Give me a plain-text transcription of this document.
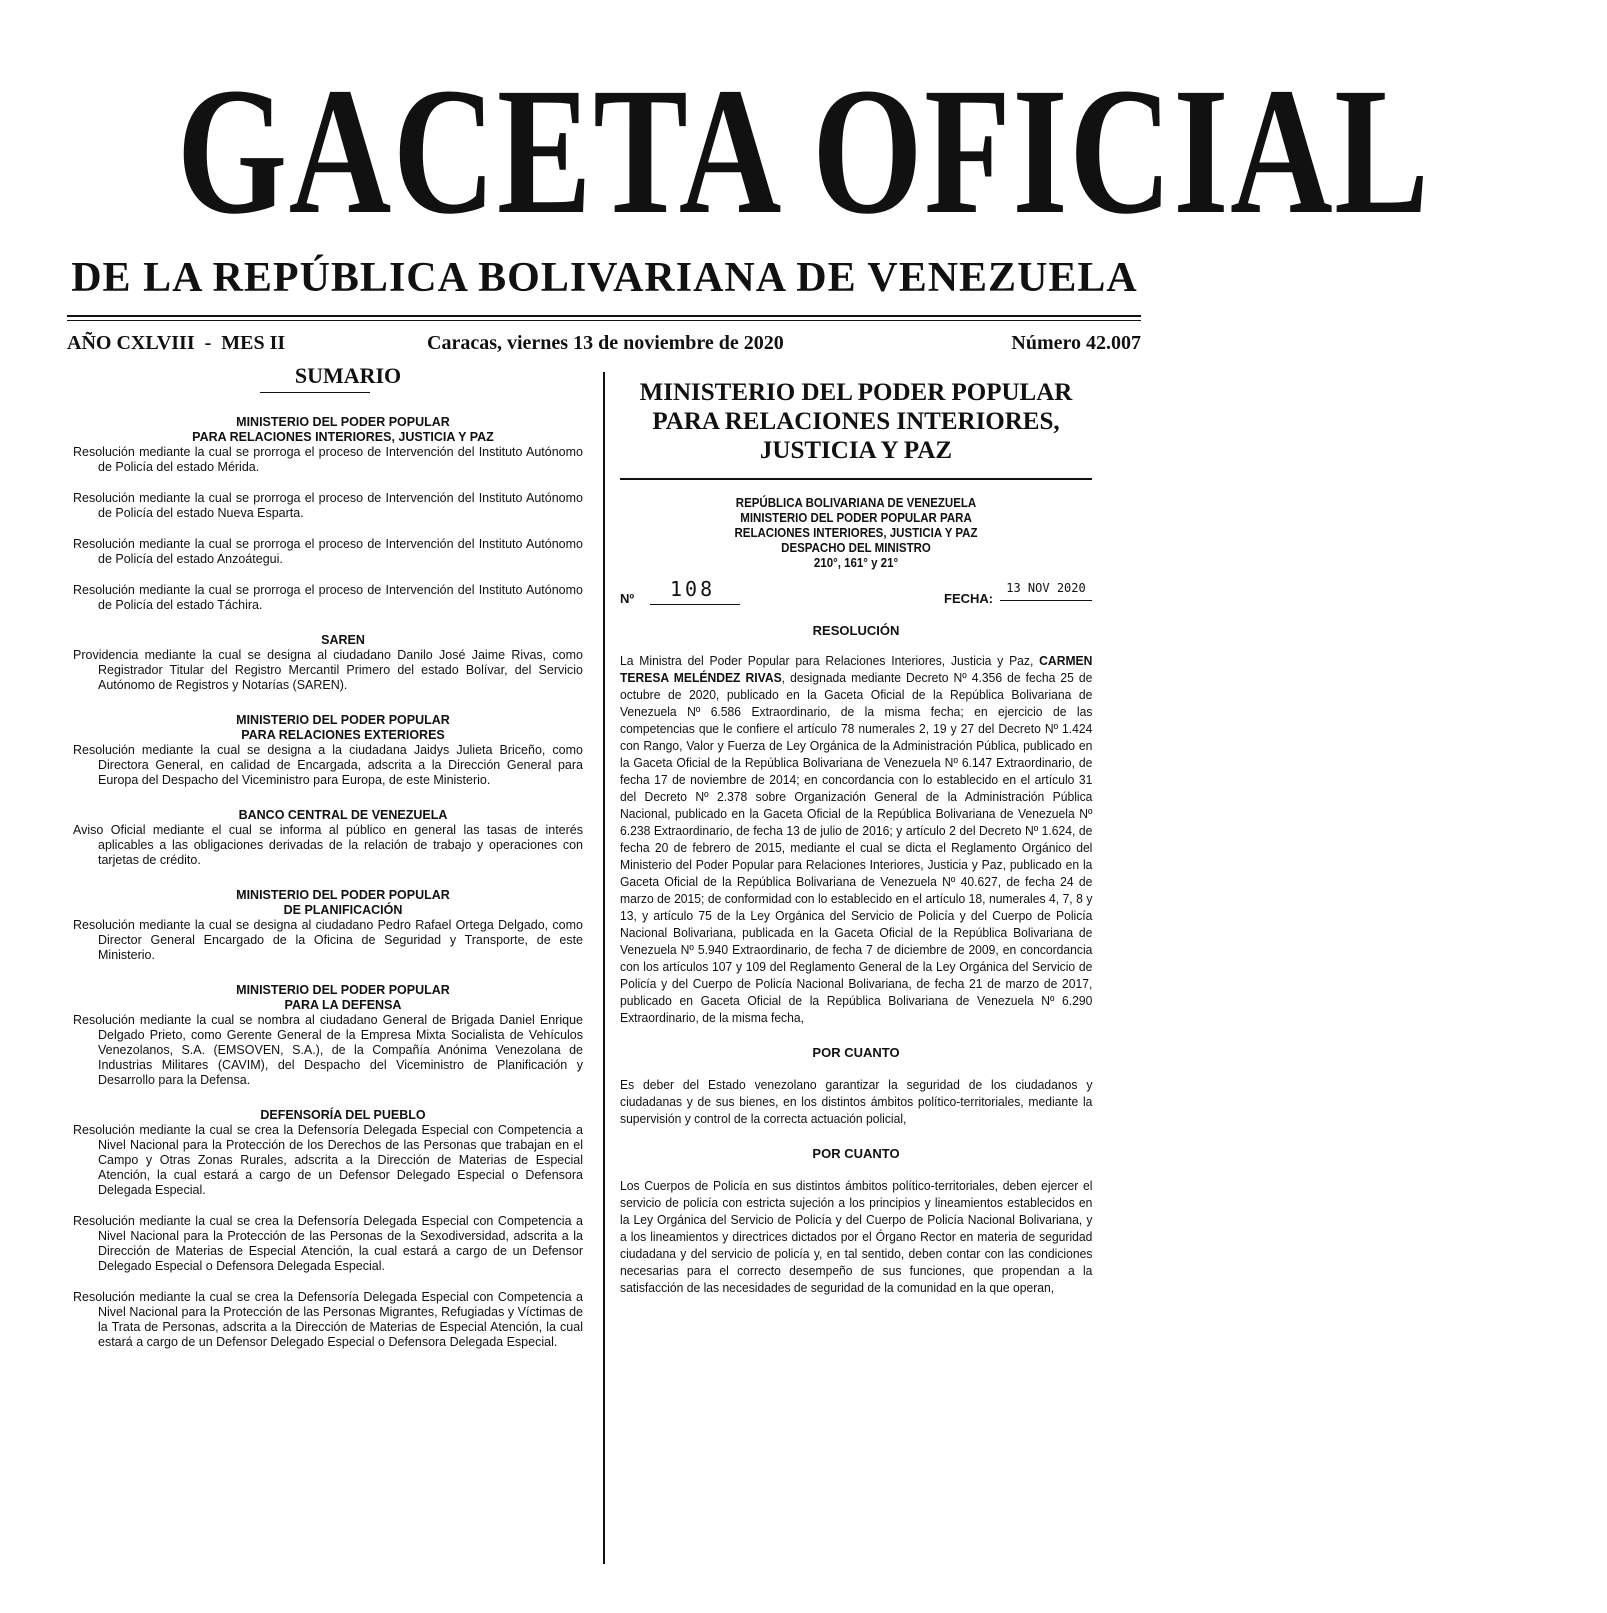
GACETA OFICIAL
DE LA REPÚBLICA BOLIVARIANA DE VENEZUELA
AÑO CXLVIII  -  MES II	Caracas, viernes 13 de noviembre de 2020	Número 42.007
SUMARIO
MINISTERIO DEL PODER POPULAR
PARA RELACIONES INTERIORES, JUSTICIA Y PAZ
Resolución mediante la cual se prorroga el proceso de Intervención del Instituto Autónomo de Policía del estado Mérida.
Resolución mediante la cual se prorroga el proceso de Intervención del Instituto Autónomo de Policía del estado Nueva Esparta.
Resolución mediante la cual se prorroga el proceso de Intervención del Instituto Autónomo de Policía del estado Anzoátegui.
Resolución mediante la cual se prorroga el proceso de Intervención del Instituto Autónomo de Policía del estado Táchira.
SAREN
Providencia mediante la cual se designa al ciudadano Danilo José Jaime Rivas, como Registrador Titular del Registro Mercantil Primero del estado Bolívar, del Servicio Autónomo de Registros y Notarías (SAREN).
MINISTERIO DEL PODER POPULAR
PARA RELACIONES EXTERIORES
Resolución mediante la cual se designa a la ciudadana Jaidys Julieta Briceño, como Directora General, en calidad de Encargada, adscrita a la Dirección General para Europa del Despacho del Viceministro para Europa, de este Ministerio.
BANCO CENTRAL DE VENEZUELA
Aviso Oficial mediante el cual se informa al público en general las tasas de interés aplicables a las obligaciones derivadas de la relación de trabajo y operaciones con tarjetas de crédito.
MINISTERIO DEL PODER POPULAR
DE PLANIFICACIÓN
Resolución mediante la cual se designa al ciudadano Pedro Rafael Ortega Delgado, como Director General Encargado de la Oficina de Seguridad y Transporte, de este Ministerio.
MINISTERIO DEL PODER POPULAR
PARA LA DEFENSA
Resolución mediante la cual se nombra al ciudadano General de Brigada Daniel Enrique Delgado Prieto, como Gerente General de la Empresa Mixta Socialista de Vehículos Venezolanos, S.A. (EMSOVEN, S.A.), de la Compañía Anónima Venezolana de Industrias Militares (CAVIM), del Despacho del Viceministro de Planificación y Desarrollo para la Defensa.
DEFENSORÍA DEL PUEBLO
Resolución mediante la cual se crea la Defensoría Delegada Especial con Competencia a Nivel Nacional para la Protección de los Derechos de las Personas que trabajan en el Campo y Otras Zonas Rurales, adscrita a la Dirección de Materias de Especial Atención, la cual estará a cargo de un Defensor Delegado Especial o Defensora Delegada Especial.
Resolución mediante la cual se crea la Defensoría Delegada Especial con Competencia a Nivel Nacional para la Protección de las Personas de la Sexodiversidad, adscrita a la Dirección de Materias de Especial Atención, la cual estará a cargo de un Defensor Delegado Especial o Defensora Delegada Especial.
Resolución mediante la cual se crea la Defensoría Delegada Especial con Competencia a Nivel Nacional para la Protección de las Personas Migrantes, Refugiadas y Víctimas de la Trata de Personas, adscrita a la Dirección de Materias de Especial Atención, la cual estará a cargo de un Defensor Delegado Especial o Defensora Delegada Especial.
MINISTERIO DEL PODER POPULAR
PARA RELACIONES INTERIORES,
JUSTICIA Y PAZ
REPÚBLICA BOLIVARIANA DE VENEZUELA
MINISTERIO DEL PODER POPULAR PARA
RELACIONES INTERIORES, JUSTICIA Y PAZ
DESPACHO DEL MINISTRO
210°, 161° y 21°
Nº	108	FECHA:
13 NOV 2020
RESOLUCIÓN
La Ministra del Poder Popular para Relaciones Interiores, Justicia y Paz, CARMEN TERESA MELÉNDEZ RIVAS, designada mediante Decreto Nº 4.356 de fecha 25 de octubre de 2020, publicado en la Gaceta Oficial de la República Bolivariana de Venezuela Nº 6.586 Extraordinario, de la misma fecha; en ejercicio de las competencias que le confiere el artículo 78 numerales 2, 19 y 27 del Decreto Nº 1.424 con Rango, Valor y Fuerza de Ley Orgánica de la Administración Pública, publicado en la Gaceta Oficial de la República Bolivariana de Venezuela Nº 6.147 Extraordinario, de fecha 17 de noviembre de 2014; en concordancia con lo establecido en el artículo 31 del Decreto Nº 2.378 sobre Organización General de la Administración Pública Nacional, publicado en la Gaceta Oficial de la República Bolivariana de Venezuela Nº 6.238 Extraordinario, de fecha 13 de julio de 2016; y artículo 2 del Decreto Nº 1.624, de fecha 20 de febrero de 2015, mediante el cual se dicta el Reglamento Orgánico del Ministerio del Poder Popular para Relaciones Interiores, Justicia y Paz, publicado en la Gaceta Oficial de la República Bolivariana de Venezuela Nº 40.627, de fecha 24 de marzo de 2015; de conformidad con lo establecido en el artículo 18, numerales 4, 7, 8 y 13, y artículo 75 de la Ley Orgánica del Servicio de Policía y del Cuerpo de Policía Nacional Bolivariana, publicada en la Gaceta Oficial de la República Bolivariana de Venezuela Nº 5.940 Extraordinario, de fecha 7 de diciembre de 2009, en concordancia con los artículos 107 y 109 del Reglamento General de la Ley Orgánica del Servicio de Policía y del Cuerpo de Policía Nacional Bolivariana, de fecha 21 de marzo de 2017, publicado en Gaceta Oficial de la República Bolivariana de Venezuela Nº 6.290 Extraordinario, de la misma fecha,
POR CUANTO
Es deber del Estado venezolano garantizar la seguridad de los ciudadanos y ciudadanas y de sus bienes, en los distintos ámbitos político-territoriales, mediante la supervisión y control de la correcta actuación policial,
POR CUANTO
Los Cuerpos de Policía en sus distintos ámbitos político-territoriales, deben ejercer el servicio de policía con estricta sujeción a los principios y lineamientos establecidos en la Ley Orgánica del Servicio de Policía y del Cuerpo de Policía Nacional Bolivariana, y a los lineamientos y directrices dictados por el Órgano Rector en materia de seguridad ciudadana y del servicio de policía y, en tal sentido, deben contar con las condiciones necesarias para el correcto desempeño de sus funciones, que propendan a la satisfacción de las necesidades de seguridad de la comunidad en la que operan,
